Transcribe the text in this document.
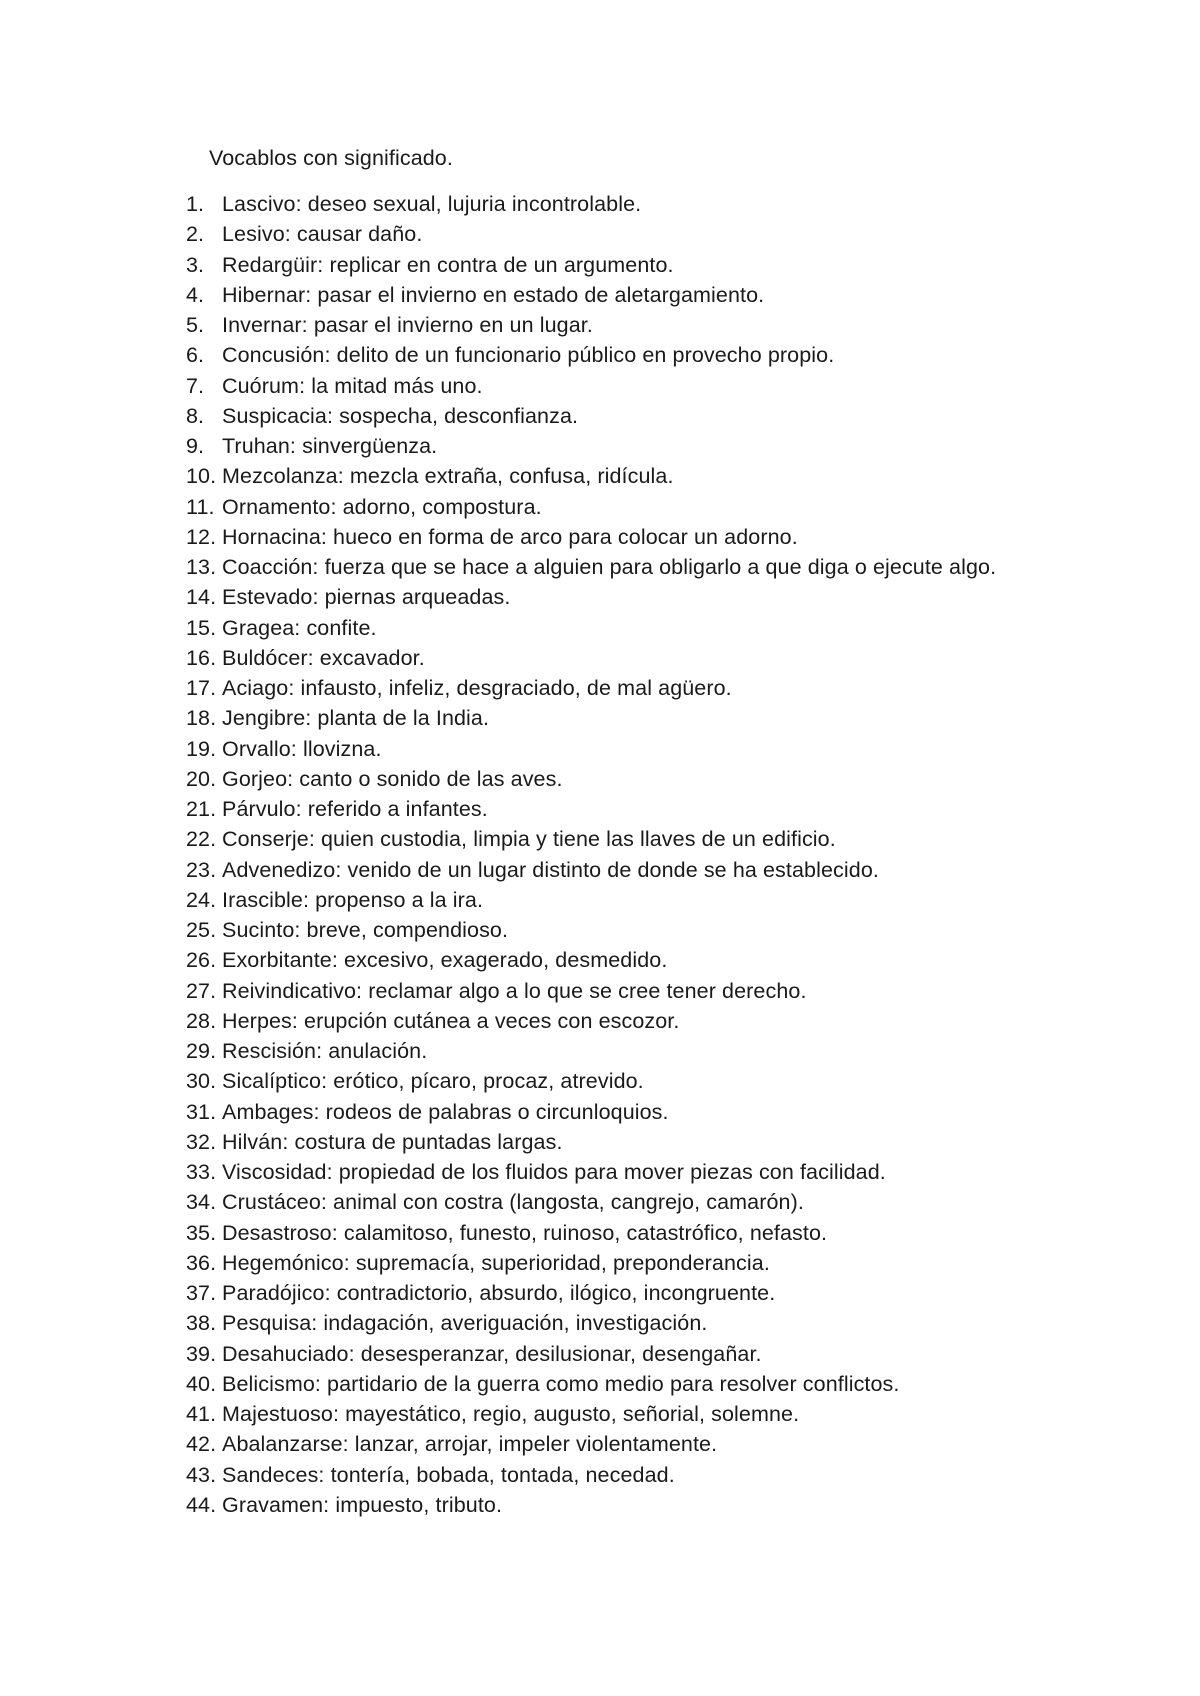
Vocablos con significado.
1. Lascivo: deseo sexual, lujuria incontrolable.
2. Lesivo: causar daño.
3. Redargüir: replicar en contra de un argumento.
4. Hibernar: pasar el invierno en estado de aletargamiento.
5. Invernar: pasar el invierno en un lugar.
6. Concusión: delito de un funcionario público en provecho propio.
7. Cuórum: la mitad más uno.
8. Suspicacia: sospecha, desconfianza.
9. Truhan: sinvergüenza.
10. Mezcolanza: mezcla extraña, confusa, ridícula.
11. Ornamento: adorno, compostura.
12. Hornacina: hueco en forma de arco para colocar un adorno.
13. Coacción: fuerza que se hace a alguien para obligarlo a que diga o ejecute algo.
14. Estevado: piernas arqueadas.
15. Gragea: confite.
16. Buldócer: excavador.
17. Aciago: infausto, infeliz, desgraciado, de mal agüero.
18. Jengibre: planta de la India.
19. Orvallo: llovizna.
20. Gorjeo: canto o sonido de las aves.
21. Párvulo: referido a infantes.
22. Conserje: quien custodia, limpia y tiene las llaves de un edificio.
23. Advenedizo: venido de un lugar distinto de donde se ha establecido.
24. Irascible: propenso a la ira.
25. Sucinto: breve, compendioso.
26. Exorbitante: excesivo, exagerado, desmedido.
27. Reivindicativo: reclamar algo a lo que se cree tener derecho.
28. Herpes: erupción cutánea a veces con escozor.
29. Rescisión: anulación.
30. Sicalíptico: erótico, pícaro, procaz, atrevido.
31. Ambages: rodeos de palabras o circunloquios.
32. Hilván: costura de puntadas largas.
33. Viscosidad: propiedad de los fluidos para mover piezas con facilidad.
34. Crustáceo: animal con costra (langosta, cangrejo, camarón).
35. Desastroso: calamitoso, funesto, ruinoso, catastrófico, nefasto.
36. Hegemónico: supremacía, superioridad, preponderancia.
37. Paradójico: contradictorio, absurdo, ilógico, incongruente.
38. Pesquisa: indagación, averiguación, investigación.
39. Desahuciado: desesperanzar, desilusionar, desengañar.
40. Belicismo: partidario de la guerra como medio para resolver conflictos.
41. Majestuoso: mayestático, regio, augusto, señorial, solemne.
42. Abalanzarse: lanzar, arrojar, impeler violentamente.
43. Sandeces: tontería, bobada, tontada, necedad.
44. Gravamen: impuesto, tributo.
